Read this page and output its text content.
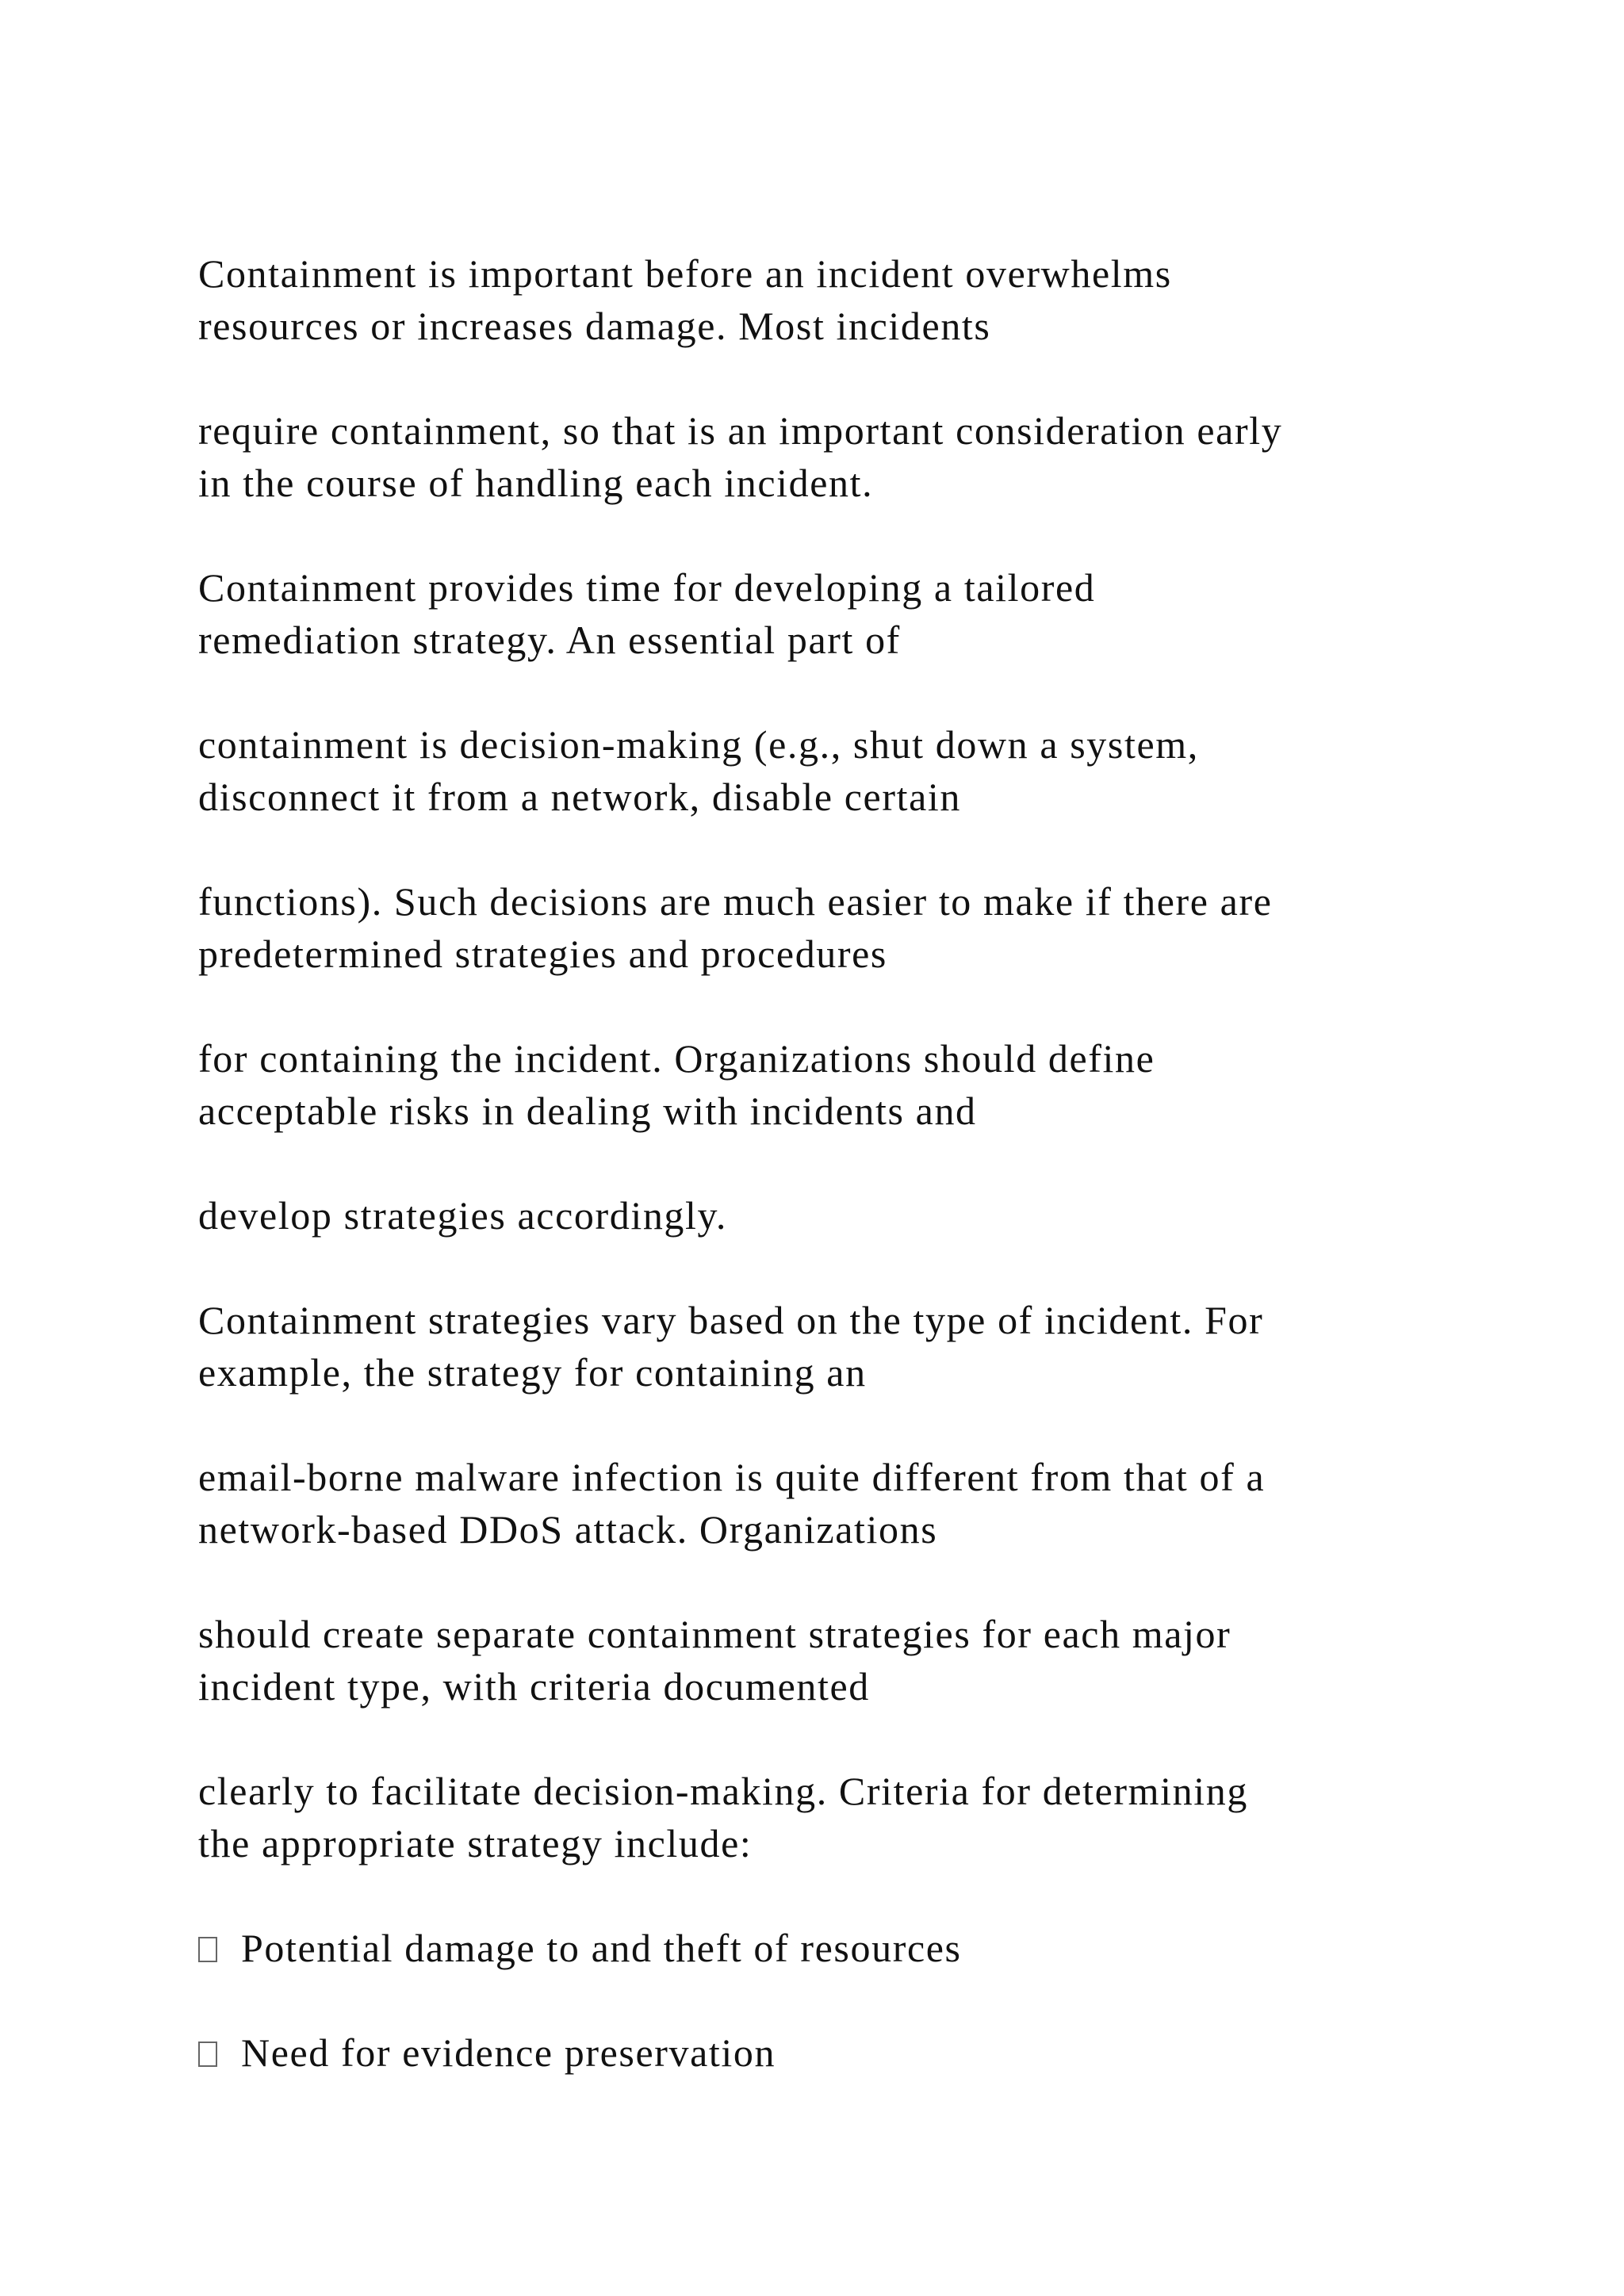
Containment is important before an incident overwhelms
resources or increases damage. Most incidents

require containment, so that is an important consideration early
in the course of handling each incident.

Containment provides time for developing a tailored
remediation strategy. An essential part of

containment is decision-making (e.g., shut down a system,
disconnect it from a network, disable certain

functions). Such decisions are much easier to make if there are
predetermined strategies and procedures

for containing the incident. Organizations should define
acceptable risks in dealing with incidents and

develop strategies accordingly.

Containment strategies vary based on the type of incident. For
example, the strategy for containing an

email-borne malware infection is quite different from that of a
network-based DDoS attack. Organizations

should create separate containment strategies for each major
incident type, with criteria documented

clearly to facilitate decision-making. Criteria for determining
the appropriate strategy include:

Potential damage to and theft of resources
Need for evidence preservation
